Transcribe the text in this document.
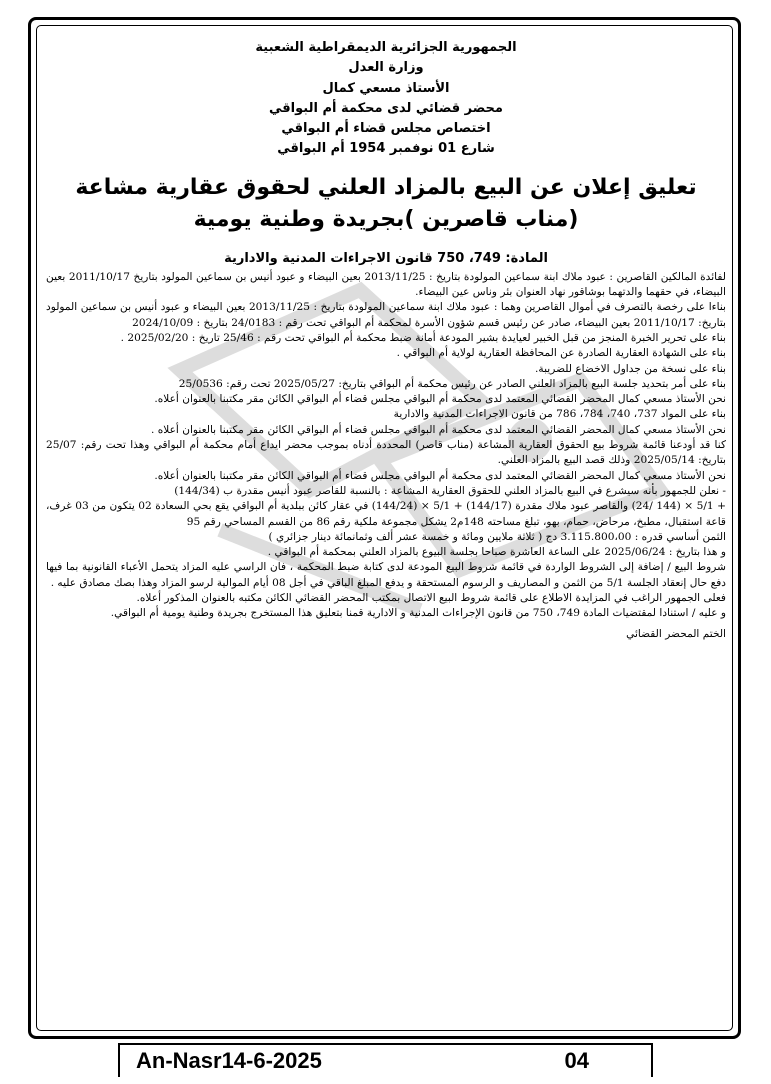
الجمهورية الجزائرية الديمقراطية الشعبية
وزارة العدل
الأستاذ مسعي كمال
محضر قضائي لدى محكمة أم البواقي
اختصاص مجلس قضاء أم البواقي
شارع 01 نوفمبر 1954 أم البواقي
تعليق إعلان عن البيع بالمزاد العلني لحقوق عقارية مشاعة
(مناب قاصرين )بجريدة وطنية يومية
المادة: 749، 750 قانون الاجراءات المدنية والادارية

لفائدة المالكين القاصرين : عبود ملاك ابنة سماعين المولودة بتاريخ : 2013/11/25 بعين البيضاء و عبود أنيس بن سماعين المولود بتاريخ 2011/10/17 بعين البيضاء، في حقهما والدتهما بوشاقور نهاد العنوان بئر وناس عين البيضاء.

بناءا على رخصة بالتصرف في أموال القاصرين وهما : عبود ملاك ابنة سماعين المولودة بتاريخ : 2013/11/25 بعين البيضاء و عبود أنيس بن سماعين المولود بتاريخ: 2011/10/17 بعين البيضاء، صادر عن رئيس قسم شؤون الأسرة لمحكمة أم البواقي تحت رقم : 24/0183 بتاريخ : 2024/10/09

بناء على تحرير الخبرة المنجز من قبل الخبير لعيايدة بشير المودعة أمانة ضبط محكمة أم البواقي تحت رقم : 25/46 تاريخ : 2025/02/20 .

بناء على الشهادة العقارية الصادرة عن المحافظة العقارية لولاية أم البواقي .

بناء على نسخة من جداول الاخضاع للضريبة.

بناء على أمر بتحديد جلسة البيع بالمزاد العلني الصادر عن رئيس محكمة أم البواقي بتاريخ: 2025/05/27 تحت رقم: 25/0536

نحن الأستاذ مسعي كمال المحضر القضائي المعتمد لدى محكمة أم البواقي مجلس قضاء أم البواقي الكائن مقر مكتبنا بالعنوان أعلاه.

بناء على المواد 737، 740، 784، 786 من قانون الاجراءات المدنية والادارية

نحن الأستاذ مسعي كمال المحضر القضائي المعتمد لدى محكمة أم البواقي مجلس قضاء أم البواقي الكائن مقر مكتبنا بالعنوان أعلاه .

كنا قد أودعنا قائمة شروط بيع الحقوق العقارية المشاعة (مناب قاصر) المحددة أدناه بموجب محضر ايداع أمام محكمة أم البواقي وهذا تحت رقم: 25/07 بتاريخ: 2025/05/14 وذلك قصد البيع بالمزاد العلني.

نحن الأستاذ مسعي كمال المحضر القضائي المعتمد لدى محكمة أم البواقي مجلس قضاء أم البواقي الكائن مقر مكتبنا بالعنوان أعلاه.

- نعلن للجمهور بأنه سيشرع في البيع بالمزاد العلني للحقوق العقارية المشاعة : بالنسبة للقاصر عبود أنيس مقدرة ب (144/34)

+ 5/1 × (144 /24) والقاصر عبود ملاك مقدرة (144/17) + 5/1 × (144/24) في عقار كائن ببلدية أم البواقي يقع بحي السعادة 02 يتكون من 03 غرف، قاعة استقبال، مطبخ، مرحاض، حمام، بهو، تبلغ مساحته 148م2 يشكل مجموعة ملكية رقم 86 من القسم المساحي رقم 95

الثمن أساسي قدره : 3.115.800،00 دج ( ثلاثة ملايين ومائة و خمسة عشر ألف وثمانمائة دينار جزائري )

و هذا بتاريخ : 2025/06/24 على الساعة العاشرة صباحا بجلسة البيوع بالمزاد العلني بمحكمة أم البواقي .

شروط البيع / إضافة إلى الشروط الواردة في قائمة شروط البيع المودعة لدى كتابة ضبط المحكمة ، فان الراسي عليه المزاد يتحمل الأعباء القانونية بما فيها دفع حال إنعقاد الجلسة 5/1 من الثمن و المصاريف و الرسوم المستحقة و يدفع المبلغ الباقي في أجل 08 أيام الموالية لرسو المزاد وهذا بصك مصادق عليه .

فعلى الجمهور الراغب في المزايدة الاطلاع على قائمة شروط البيع الاتصال بمكتب المحضر القضائي الكائن مكتبه بالعنوان المذكور أعلاه.

و عليه / استنادا لمقتضيات المادة 749، 750 من قانون الإجراءات المدنية و الادارية قمنا بتعليق هذا المستخرج بجريدة وطنية يومية أم البواقي.

الختم المحضر القضائي
An-Nasr14-6-2025	04
